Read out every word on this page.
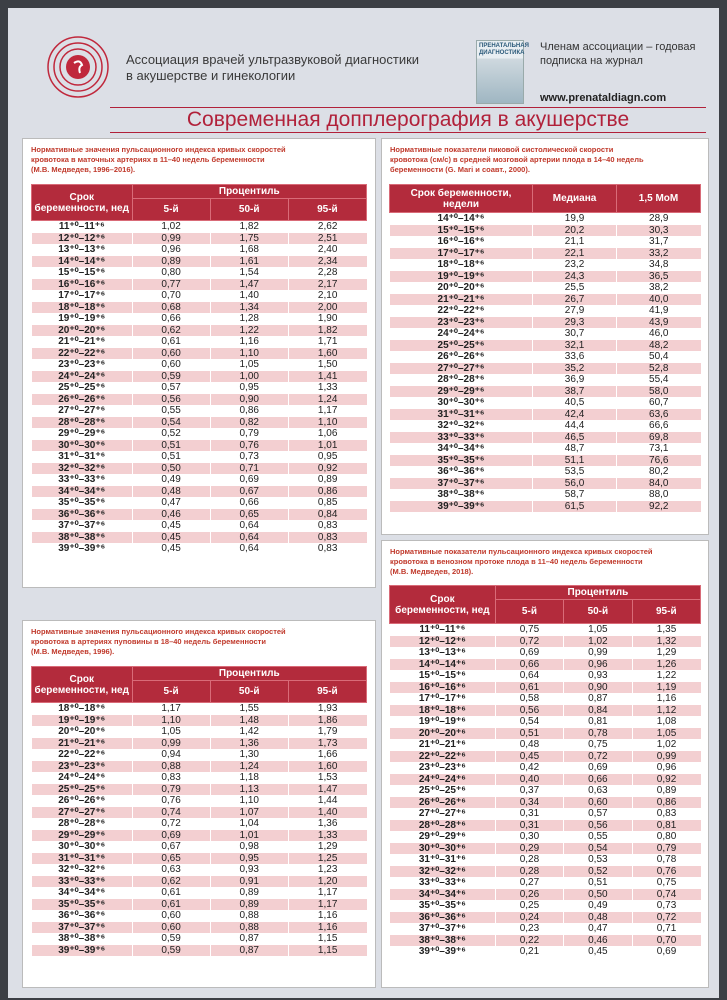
Ассоциация врачей ультразвуковой диагностики
в акушерстве и гинекологии
ПРЕНАТАЛЬНАЯ ДИАГНОСТИКА Членам ассоциации – годовая
подписка на журнал
www.prenataldiagn.com
Современная допплерография в акушерстве
Нормативные значения пульсационного индекса кривых скоростей
кровотока в маточных артериях в 11–40 недель беременности
(М.В. Медведев, 1996–2016).
Срок беременности, нед	Процентиль		
	5-й	50-й	95-й
11⁺⁰–11⁺⁶	1,02	1,82	2,62
12⁺⁰–12⁺⁶	0,99	1,75	2,51
13⁺⁰–13⁺⁶	0,96	1,68	2,40
14⁺⁰–14⁺⁶	0,89	1,61	2,34
15⁺⁰–15⁺⁶	0,80	1,54	2,28
16⁺⁰–16⁺⁶	0,77	1,47	2,17
17⁺⁰–17⁺⁶	0,70	1,40	2,10
18⁺⁰–18⁺⁶	0,68	1,34	2,00
19⁺⁰–19⁺⁶	0,66	1,28	1,90
20⁺⁰–20⁺⁶	0,62	1,22	1,82
21⁺⁰–21⁺⁶	0,61	1,16	1,71
22⁺⁰–22⁺⁶	0,60	1,10	1,60
23⁺⁰–23⁺⁶	0,60	1,05	1,50
24⁺⁰–24⁺⁶	0,59	1,00	1,41
25⁺⁰–25⁺⁶	0,57	0,95	1,33
26⁺⁰–26⁺⁶	0,56	0,90	1,24
27⁺⁰–27⁺⁶	0,55	0,86	1,17
28⁺⁰–28⁺⁶	0,54	0,82	1,10
29⁺⁰–29⁺⁶	0,52	0,79	1,06
30⁺⁰–30⁺⁶	0,51	0,76	1,01
31⁺⁰–31⁺⁶	0,51	0,73	0,95
32⁺⁰–32⁺⁶	0,50	0,71	0,92
33⁺⁰–33⁺⁶	0,49	0,69	0,89
34⁺⁰–34⁺⁶	0,48	0,67	0,86
35⁺⁰–35⁺⁶	0,47	0,66	0,85
36⁺⁰–36⁺⁶	0,46	0,65	0,84
37⁺⁰–37⁺⁶	0,45	0,64	0,83
38⁺⁰–38⁺⁶	0,45	0,64	0,83
39⁺⁰–39⁺⁶	0,45	0,64	0,83
Нормативные показатели пиковой систолической скорости
кровотока (см/с) в средней мозговой артерии плода в 14–40 недель
беременности (G. Mari и соавт., 2000).
Срок беременности, недели	Медиана	1,5 МоМ
14⁺⁰–14⁺⁶	19,9	28,9
15⁺⁰–15⁺⁶	20,2	30,3
16⁺⁰–16⁺⁶	21,1	31,7
17⁺⁰–17⁺⁶	22,1	33,2
18⁺⁰–18⁺⁶	23,2	34,8
19⁺⁰–19⁺⁶	24,3	36,5
20⁺⁰–20⁺⁶	25,5	38,2
21⁺⁰–21⁺⁶	26,7	40,0
22⁺⁰–22⁺⁶	27,9	41,9
23⁺⁰–23⁺⁶	29,3	43,9
24⁺⁰–24⁺⁶	30,7	46,0
25⁺⁰–25⁺⁶	32,1	48,2
26⁺⁰–26⁺⁶	33,6	50,4
27⁺⁰–27⁺⁶	35,2	52,8
28⁺⁰–28⁺⁶	36,9	55,4
29⁺⁰–29⁺⁶	38,7	58,0
30⁺⁰–30⁺⁶	40,5	60,7
31⁺⁰–31⁺⁶	42,4	63,6
32⁺⁰–32⁺⁶	44,4	66,6
33⁺⁰–33⁺⁶	46,5	69,8
34⁺⁰–34⁺⁶	48,7	73,1
35⁺⁰–35⁺⁶	51,1	76,6
36⁺⁰–36⁺⁶	53,5	80,2
37⁺⁰–37⁺⁶	56,0	84,0
38⁺⁰–38⁺⁶	58,7	88,0
39⁺⁰–39⁺⁶	61,5	92,2
Нормативные значения пульсационного индекса кривых скоростей
кровотока в артериях пуповины в 18–40 недель беременности
(М.В. Медведев, 1996).
Срок беременности, нед	Процентиль		
	5-й	50-й	95-й
18⁺⁰–18⁺⁶	1,17	1,55	1,93
19⁺⁰–19⁺⁶	1,10	1,48	1,86
20⁺⁰–20⁺⁶	1,05	1,42	1,79
21⁺⁰–21⁺⁶	0,99	1,36	1,73
22⁺⁰–22⁺⁶	0,94	1,30	1,66
23⁺⁰–23⁺⁶	0,88	1,24	1,60
24⁺⁰–24⁺⁶	0,83	1,18	1,53
25⁺⁰–25⁺⁶	0,79	1,13	1,47
26⁺⁰–26⁺⁶	0,76	1,10	1,44
27⁺⁰–27⁺⁶	0,74	1,07	1,40
28⁺⁰–28⁺⁶	0,72	1,04	1,36
29⁺⁰–29⁺⁶	0,69	1,01	1,33
30⁺⁰–30⁺⁶	0,67	0,98	1,29
31⁺⁰–31⁺⁶	0,65	0,95	1,25
32⁺⁰–32⁺⁶	0,63	0,93	1,23
33⁺⁰–33⁺⁶	0,62	0,91	1,20
34⁺⁰–34⁺⁶	0,61	0,89	1,17
35⁺⁰–35⁺⁶	0,61	0,89	1,17
36⁺⁰–36⁺⁶	0,60	0,88	1,16
37⁺⁰–37⁺⁶	0,60	0,88	1,16
38⁺⁰–38⁺⁶	0,59	0,87	1,15
39⁺⁰–39⁺⁶	0,59	0,87	1,15
Нормативные показатели пульсационного индекса кривых скоростей
кровотока в венозном протоке плода в 11–40 недель беременности
(М.В. Медведев, 2018).
Срок беременности, нед	Процентиль		
	5-й	50-й	95-й
11⁺⁰–11⁺⁶	0,75	1,05	1,35
12⁺⁰–12⁺⁶	0,72	1,02	1,32
13⁺⁰–13⁺⁶	0,69	0,99	1,29
14⁺⁰–14⁺⁶	0,66	0,96	1,26
15⁺⁰–15⁺⁶	0,64	0,93	1,22
16⁺⁰–16⁺⁶	0,61	0,90	1,19
17⁺⁰–17⁺⁶	0,58	0,87	1,16
18⁺⁰–18⁺⁶	0,56	0,84	1,12
19⁺⁰–19⁺⁶	0,54	0,81	1,08
20⁺⁰–20⁺⁶	0,51	0,78	1,05
21⁺⁰–21⁺⁶	0,48	0,75	1,02
22⁺⁰–22⁺⁶	0,45	0,72	0,99
23⁺⁰–23⁺⁶	0,42	0,69	0,96
24⁺⁰–24⁺⁶	0,40	0,66	0,92
25⁺⁰–25⁺⁶	0,37	0,63	0,89
26⁺⁰–26⁺⁶	0,34	0,60	0,86
27⁺⁰–27⁺⁶	0,31	0,57	0,83
28⁺⁰–28⁺⁶	0,31	0,56	0,81
29⁺⁰–29⁺⁶	0,30	0,55	0,80
30⁺⁰–30⁺⁶	0,29	0,54	0,79
31⁺⁰–31⁺⁶	0,28	0,53	0,78
32⁺⁰–32⁺⁶	0,28	0,52	0,76
33⁺⁰–33⁺⁶	0,27	0,51	0,75
34⁺⁰–34⁺⁶	0,26	0,50	0,74
35⁺⁰–35⁺⁶	0,25	0,49	0,73
36⁺⁰–36⁺⁶	0,24	0,48	0,72
37⁺⁰–37⁺⁶	0,23	0,47	0,71
38⁺⁰–38⁺⁶	0,22	0,46	0,70
39⁺⁰–39⁺⁶	0,21	0,45	0,69
